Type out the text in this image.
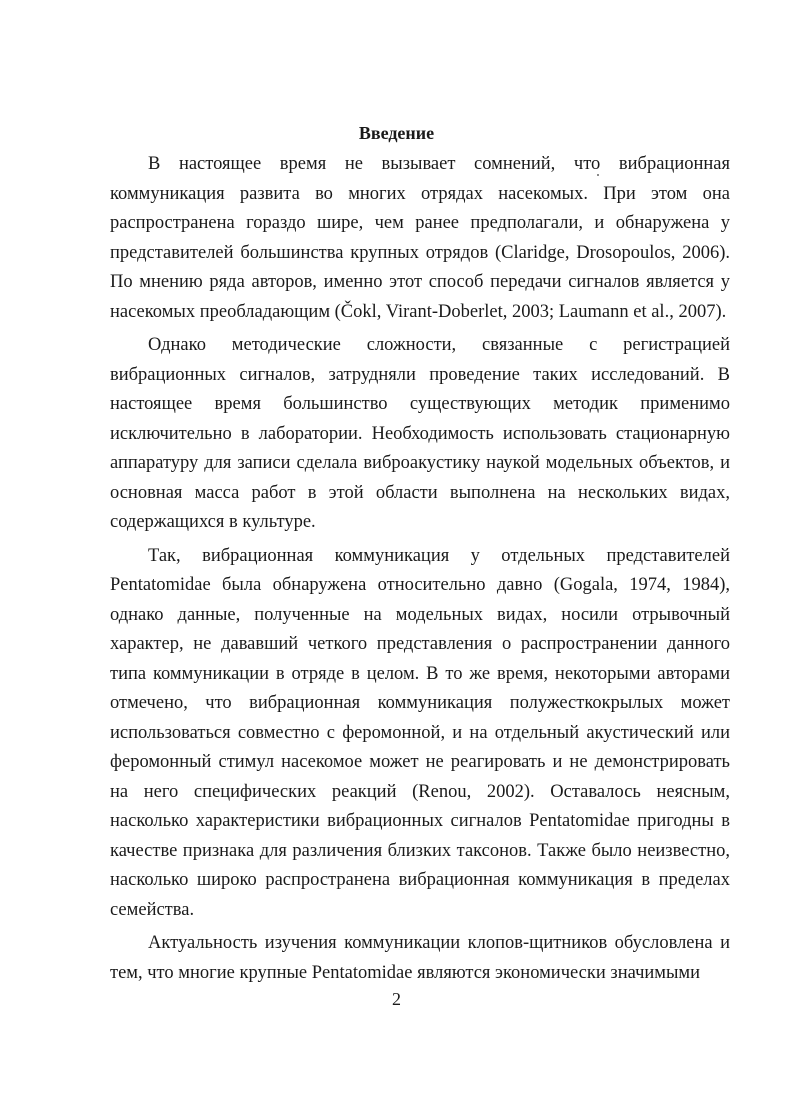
Введение

В настоящее время не вызывает сомнений, что вибрационная коммуникация развита во многих отрядах насекомых. При этом она распространена гораздо шире, чем ранее предполагали, и обнаружена у представителей большинства крупных отрядов (Claridge, Drosopoulos, 2006). По мнению ряда авторов, именно этот способ передачи сигналов является у насекомых преобладающим (Čokl, Virant-Doberlet, 2003; Laumann et al., 2007).

Однако методические сложности, связанные с регистрацией вибрационных сигналов, затрудняли проведение таких исследований. В настоящее время большинство существующих методик применимо исключительно в лаборатории. Необходимость использовать стационарную аппаратуру для записи сделала виброакустику наукой модельных объектов, и основная масса работ в этой области выполнена на нескольких видах, содержащихся в культуре.

Так, вибрационная коммуникация у отдельных представителей Pentatomidae была обнаружена относительно давно (Gogala, 1974, 1984), однако данные, полученные на модельных видах, носили отрывочный характер, не дававший четкого представления о распространении данного типа коммуникации в отряде в целом. В то же время, некоторыми авторами отмечено, что вибрационная коммуникация полужесткокрылых может использоваться совместно с феромонной, и на отдельный акустический или феромонный стимул насекомое может не реагировать и не демонстрировать на него специфических реакций (Renou, 2002). Оставалось неясным, насколько характеристики вибрационных сигналов Pentatomidae пригодны в качестве признака для различения близких таксонов. Также было неизвестно, насколько широко распространена вибрационная коммуникация в пределах семейства.

Актуальность изучения коммуникации клопов-щитников обусловлена и тем, что многие крупные Pentatomidae являются экономически значимыми

2
